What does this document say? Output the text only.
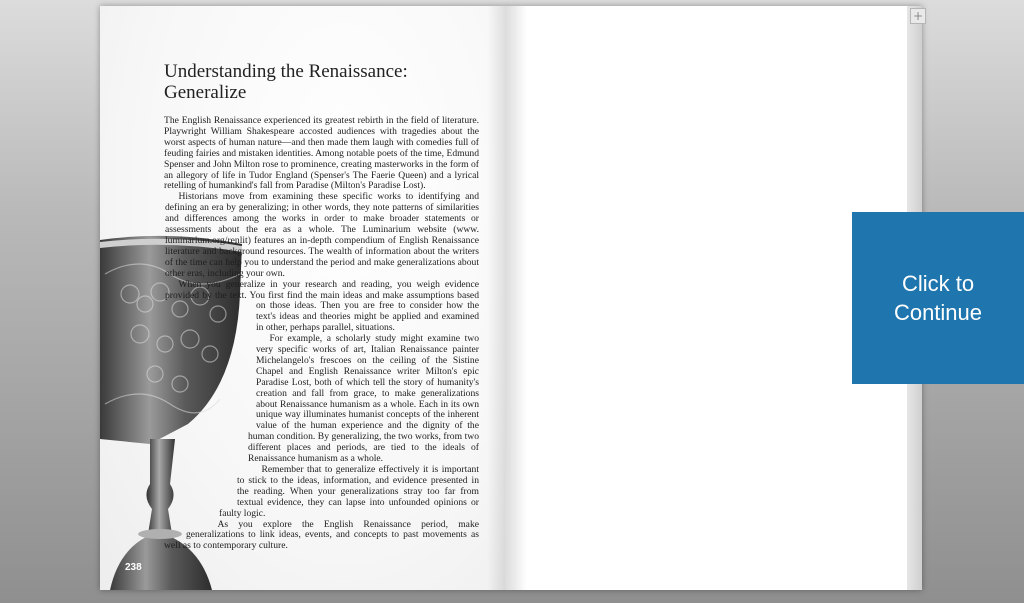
Understanding the Renaissance:
Generalize

The English Renaissance experienced its greatest rebirth in the field of literature. Playwright William Shakespeare accosted audiences with tragedies about the worst aspects of human nature—and then made them laugh with comedies full of feuding fairies and mistaken identities. Among notable poets of the time, Edmund Spenser and John Milton rose to prominence, creating masterworks in the form of an allegory of life in Tudor England (Spenser's The Faerie Queen) and a lyrical retelling of humankind's fall from Paradise (Milton's Paradise Lost).

Historians move from examining these specific works to identifying and defining an era by generalizing; in other words, they note patterns of similarities and differences among the works in order to make broader statements or assessments about the era as a whole. The Luminarium website (www. luminarium.org/renlit) features an in-depth compendium of English Renaissance literature and background resources. The wealth of information about the writers of the time can help you to understand the period and make generalizations about other eras, including your own.

When you generalize in your research and reading, you weigh evidence provided by the text. You first find the main ideas and make assumptions based on those ideas. Then you are free to consider how the text's ideas and theories might be applied and examined in other, perhaps parallel, situations.

For example, a scholarly study might examine two very specific works of art, Italian Renaissance painter Michelangelo's frescoes on the ceiling of the Sistine Chapel and English Renaissance writer Milton's epic Paradise Lost, both of which tell the story of humanity's creation and fall from grace, to make generalizations about Renaissance humanism as a whole. Each in its own unique way illuminates humanist concepts of the inherent value of the human experience and the dignity of the human condition. By generalizing, the two works, from two different places and periods, are tied to the ideals of Renaissance humanism as a whole.

Remember that to generalize effectively it is important to stick to the ideas, information, and evidence presented in the reading. When your generalizations stray too far from textual evidence, they can lapse into unfounded opinions or faulty logic.

As you explore the English Renaissance period, make generalizations to link ideas, events, and concepts to past movements as well as to contemporary culture.

238
+
Click to Continue
